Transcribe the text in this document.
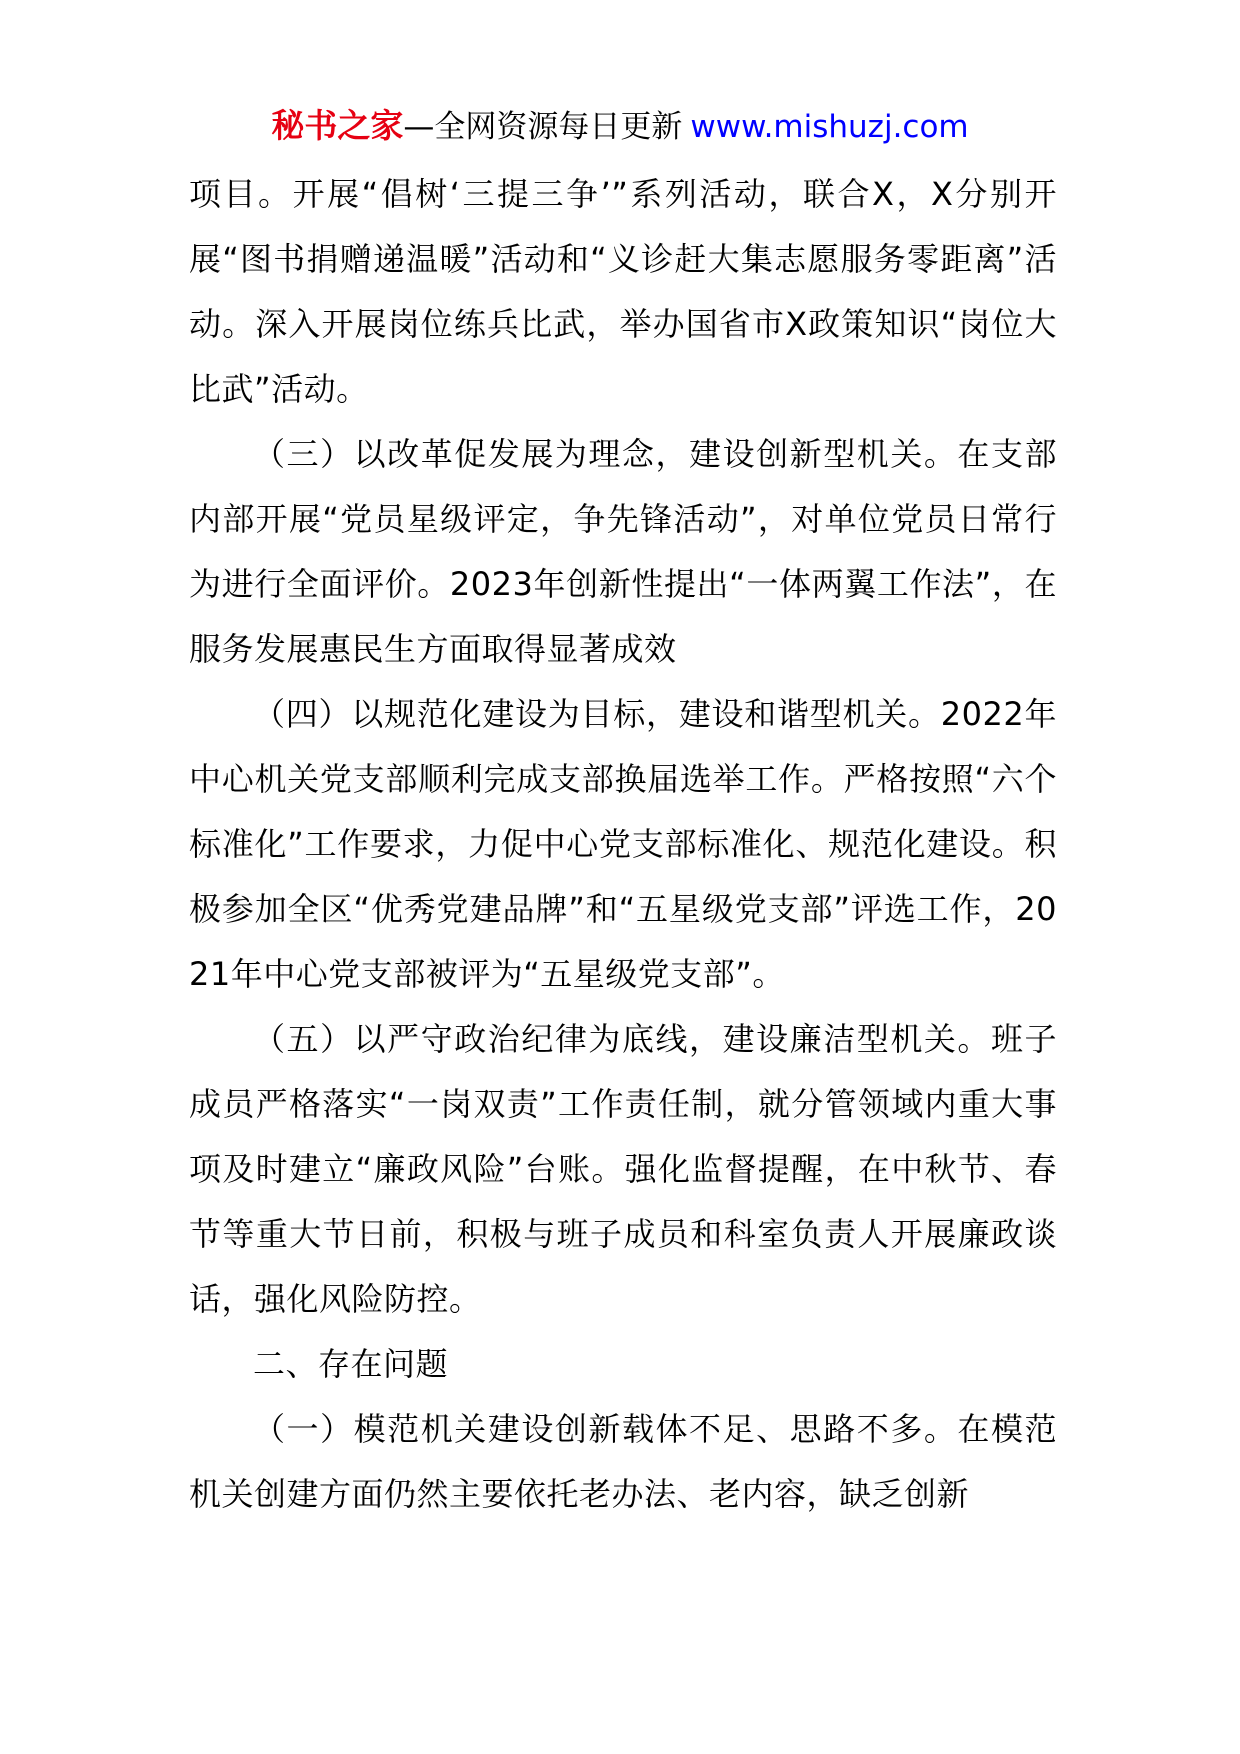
秘书之家—全网资源每日更新 www.mishuzj.com

项目。开展“倡树‘三提三争’”系列活动，联合X，X分别开展“图书捐赠递温暖”活动和“义诊赶大集志愿服务零距离”活动。深入开展岗位练兵比武，举办国省市X政策知识“岗位大比武”活动。

（三）以改革促发展为理念，建设创新型机关。在支部内部开展“党员星级评定，争先锋活动”，对单位党员日常行为进行全面评价。2023年创新性提出“一体两翼工作法”，在服务发展惠民生方面取得显著成效

（四）以规范化建设为目标，建设和谐型机关。2022年中心机关党支部顺利完成支部换届选举工作。严格按照“六个标准化”工作要求，力促中心党支部标准化、规范化建设。积极参加全区“优秀党建品牌”和“五星级党支部”评选工作，2021年中心党支部被评为“五星级党支部”。

（五）以严守政治纪律为底线，建设廉洁型机关。班子成员严格落实“一岗双责”工作责任制，就分管领域内重大事项及时建立“廉政风险”台账。强化监督提醒，在中秋节、春节等重大节日前，积极与班子成员和科室负责人开展廉政谈话，强化风险防控。

二、存在问题

（一）模范机关建设创新载体不足、思路不多。在模范机关创建方面仍然主要依托老办法、老内容，缺乏创新
